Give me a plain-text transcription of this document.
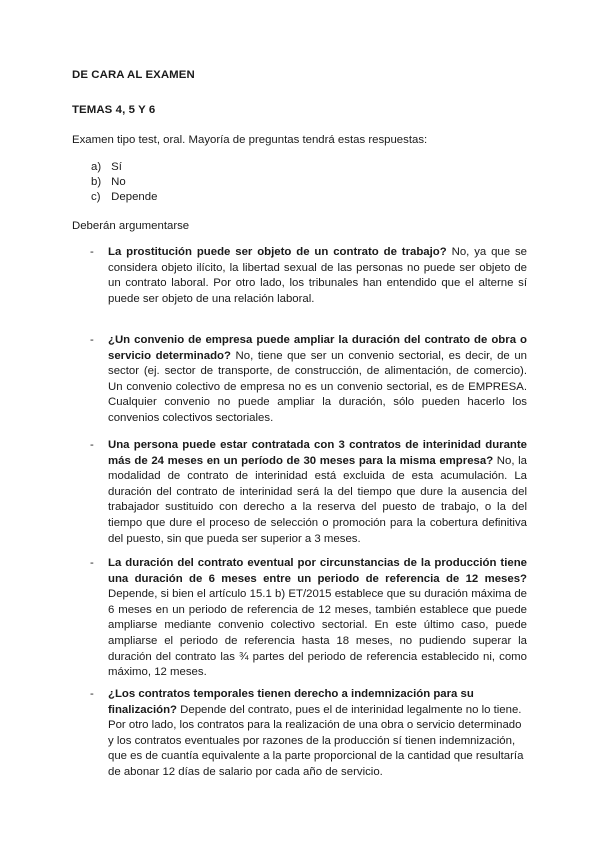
DE CARA AL EXAMEN
TEMAS 4, 5 Y 6
Examen tipo test, oral. Mayoría de preguntas tendrá estas respuestas:
a) Sí
b) No
c) Depende
Deberán argumentarse
- La prostitución puede ser objeto de un contrato de trabajo? No, ya que se considera objeto ilícito, la libertad sexual de las personas no puede ser objeto de un contrato laboral. Por otro lado, los tribunales han entendido que el alterne sí puede ser objeto de una relación laboral.
- ¿Un convenio de empresa puede ampliar la duración del contrato de obra o servicio determinado? No, tiene que ser un convenio sectorial, es decir, de un sector (ej. sector de transporte, de construcción, de alimentación, de comercio). Un convenio colectivo de empresa no es un convenio sectorial, es de EMPRESA. Cualquier convenio no puede ampliar la duración, sólo pueden hacerlo los convenios colectivos sectoriales.
- Una persona puede estar contratada con 3 contratos de interinidad durante más de 24 meses en un período de 30 meses para la misma empresa? No, la modalidad de contrato de interinidad está excluida de esta acumulación. La duración del contrato de interinidad será la del tiempo que dure la ausencia del trabajador sustituido con derecho a la reserva del puesto de trabajo, o la del tiempo que dure el proceso de selección o promoción para la cobertura definitiva del puesto, sin que pueda ser superior a 3 meses.
- La duración del contrato eventual por circunstancias de la producción tiene una duración de 6 meses entre un periodo de referencia de 12 meses? Depende, si bien el artículo 15.1 b) ET/2015 establece que su duración máxima de 6 meses en un periodo de referencia de 12 meses, también establece que puede ampliarse mediante convenio colectivo sectorial. En este último caso, puede ampliarse el periodo de referencia hasta 18 meses, no pudiendo superar la duración del contrato las ¾ partes del periodo de referencia establecido ni, como máximo, 12 meses.
- ¿Los contratos temporales tienen derecho a indemnización para su finalización? Depende del contrato, pues el de interinidad legalmente no lo tiene. Por otro lado, los contratos para la realización de una obra o servicio determinado y los contratos eventuales por razones de la producción sí tienen indemnización, que es de cuantía equivalente a la parte proporcional de la cantidad que resultaría de abonar 12 días de salario por cada año de servicio.
